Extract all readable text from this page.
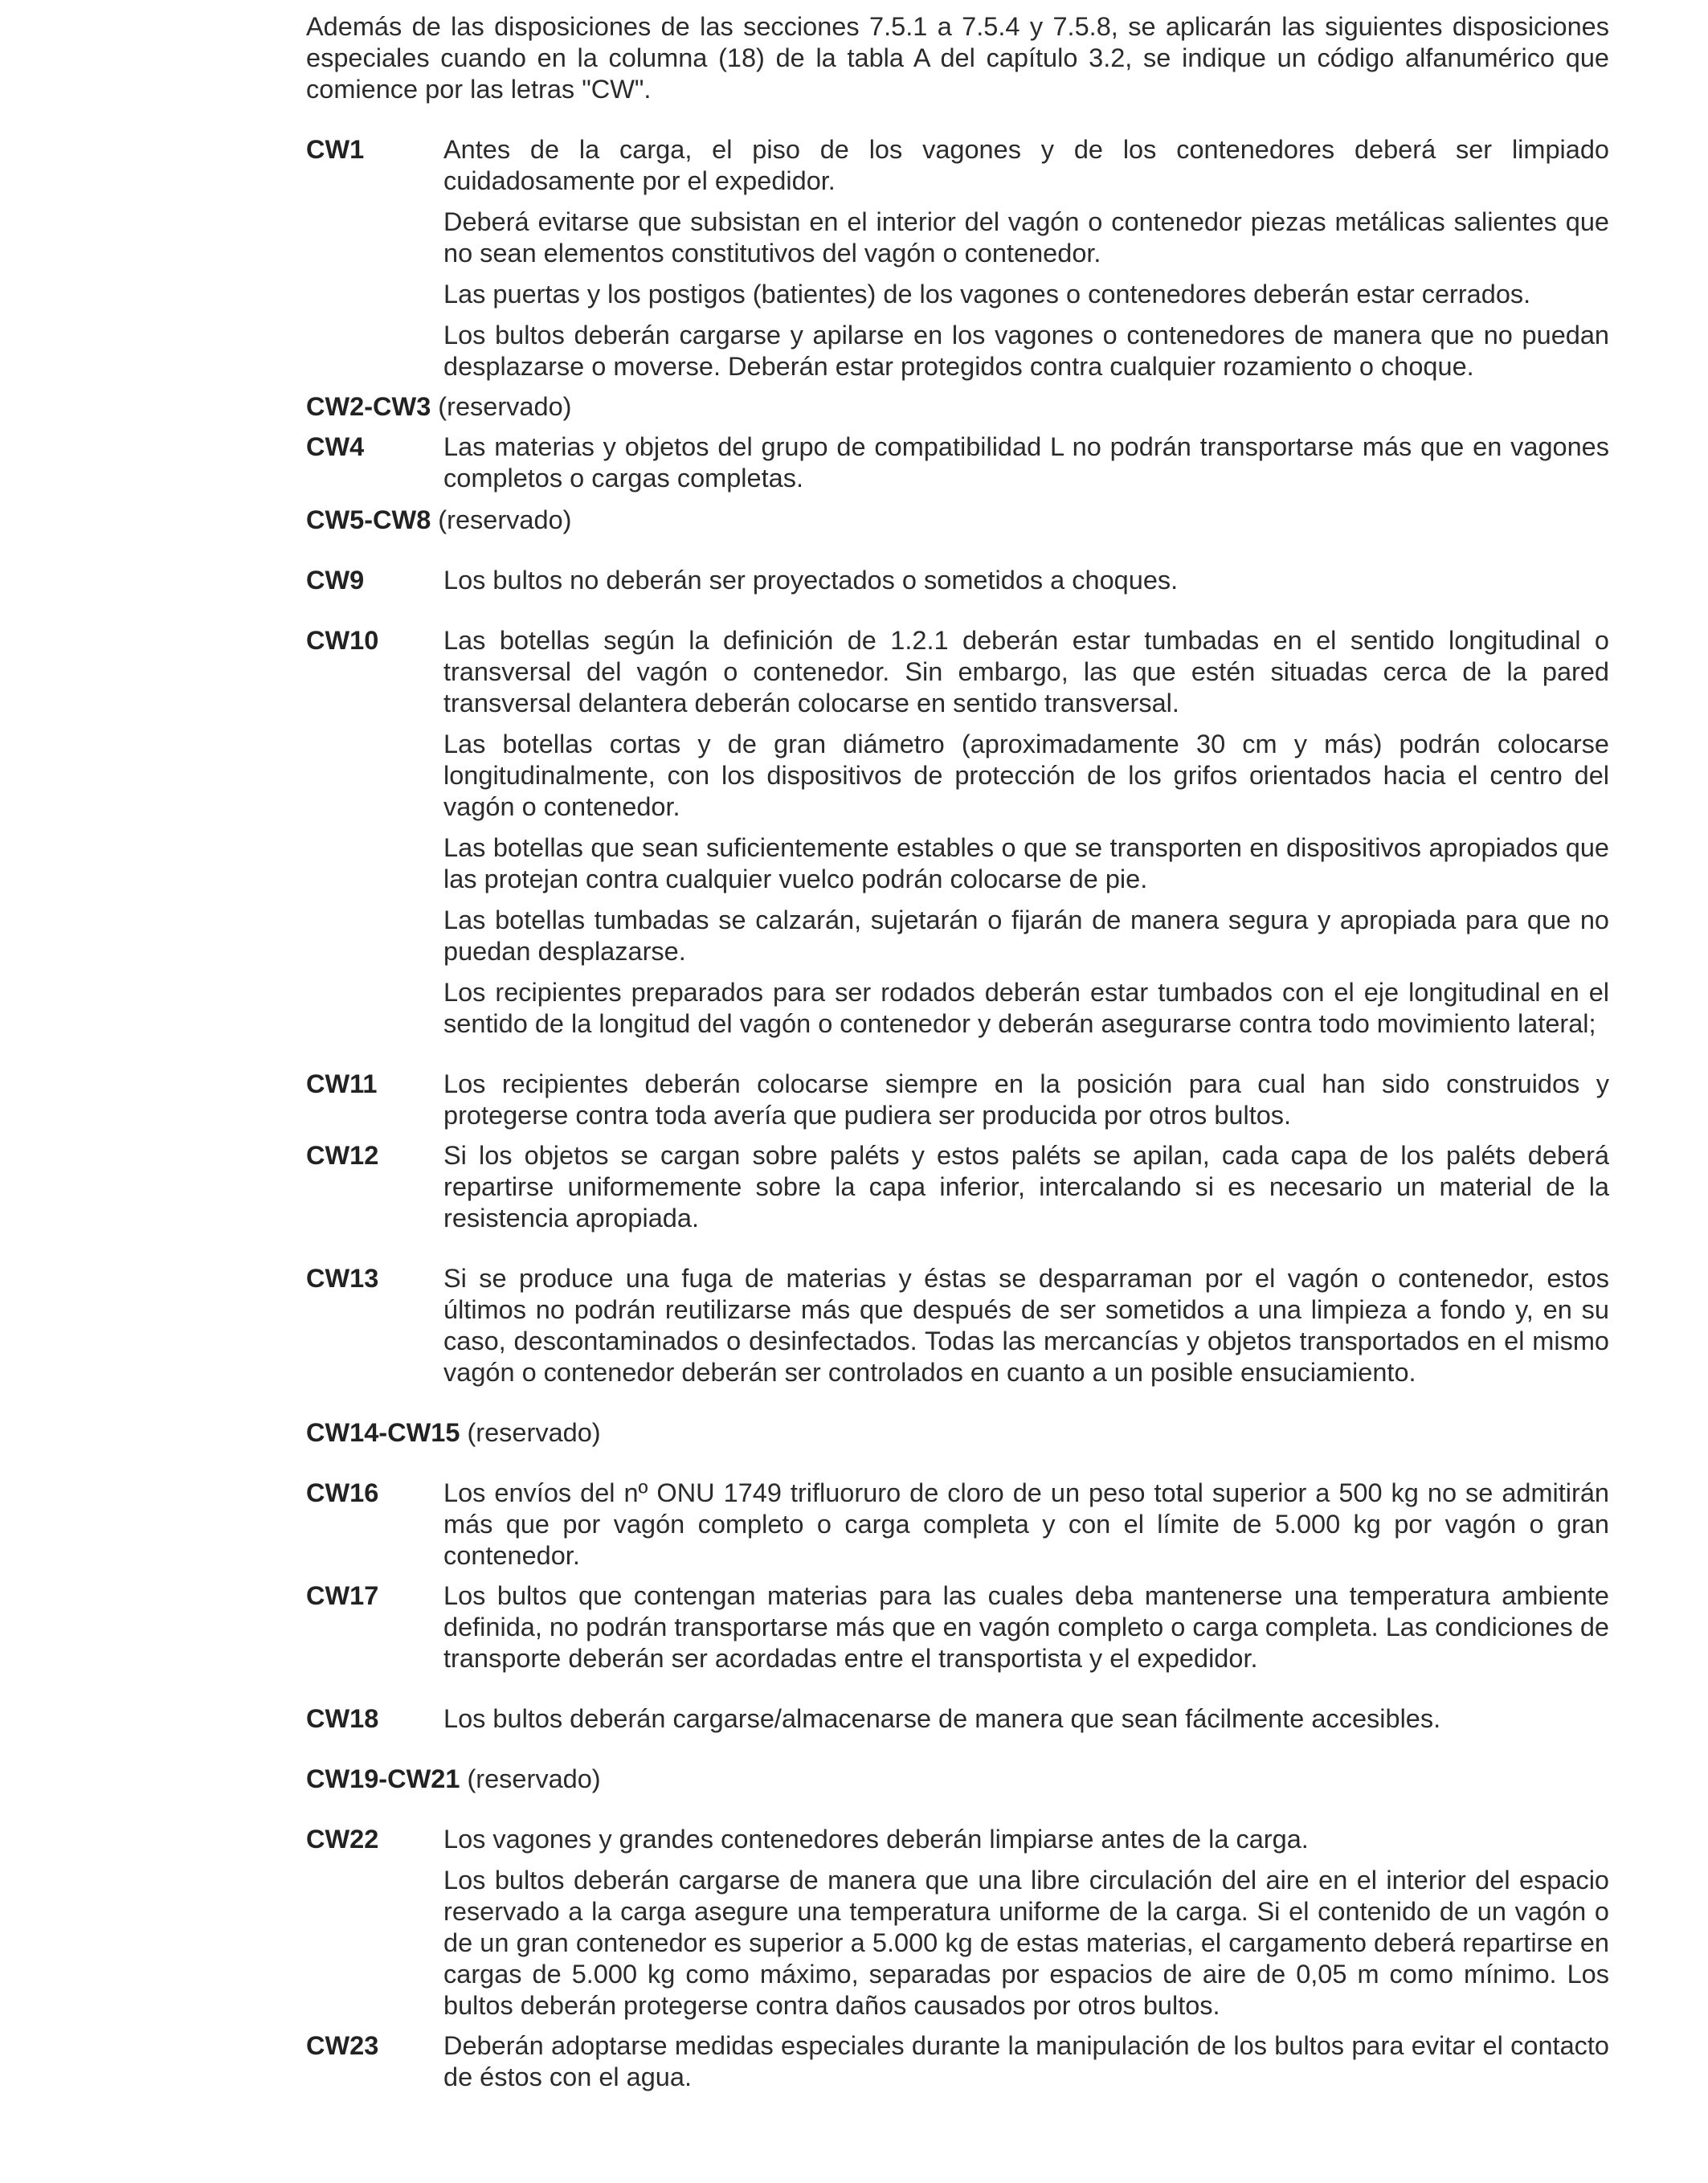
Además de las disposiciones de las secciones 7.5.1 a 7.5.4 y 7.5.8, se aplicarán las siguientes disposiciones especiales cuando en la columna (18) de la tabla A del capítulo 3.2, se indique un código alfanumérico que comience por las letras "CW".

CW1	Antes de la carga, el piso de los vagones y de los contenedores deberá ser limpiado cuidadosamente por el expedidor.

Deberá evitarse que subsistan en el interior del vagón o contenedor piezas metálicas salientes que no sean elementos constitutivos del vagón o contenedor.

Las puertas y los postigos (batientes) de los vagones o contenedores deberán estar cerrados.

Los bultos deberán cargarse y apilarse en los vagones o contenedores de manera que no puedan desplazarse o moverse. Deberán estar protegidos contra cualquier rozamiento o choque.

CW2-CW3 (reservado)
CW4	Las materias y objetos del grupo de compatibilidad L no podrán transportarse más que en vagones completos o cargas completas.

CW5-CW8 (reservado)
CW9	Los bultos no deberán ser proyectados o sometidos a choques.

CW10	Las botellas según la definición de 1.2.1 deberán estar tumbadas en el sentido longitudinal o transversal del vagón o contenedor. Sin embargo, las que estén situadas cerca de la pared transversal delantera deberán colocarse en sentido transversal.

Las botellas cortas y de gran diámetro (aproximadamente 30 cm y más) podrán colocarse longitudinalmente, con los dispositivos de protección de los grifos orientados hacia el centro del vagón o contenedor.

Las botellas que sean suficientemente estables o que se transporten en dispositivos apropiados que las protejan contra cualquier vuelco podrán colocarse de pie.

Las botellas tumbadas se calzarán, sujetarán o fijarán de manera segura y apropiada para que no puedan desplazarse.

Los recipientes preparados para ser rodados deberán estar tumbados con el eje longitudinal en el sentido de la longitud del vagón o contenedor y deberán asegurarse contra todo movimiento lateral;

CW11	Los recipientes deberán colocarse siempre en la posición para cual han sido construidos y protegerse contra toda avería que pudiera ser producida por otros bultos.

CW12	Si los objetos se cargan sobre paléts y estos paléts se apilan, cada capa de los paléts deberá repartirse uniformemente sobre la capa inferior, intercalando si es necesario un material de la resistencia apropiada.

CW13	Si se produce una fuga de materias y éstas se desparraman por el vagón o contenedor, estos últimos no podrán reutilizarse más que después de ser sometidos a una limpieza a fondo y, en su caso, descontaminados o desinfectados. Todas las mercancías y objetos transportados en el mismo vagón o contenedor deberán ser controlados en cuanto a un posible ensuciamiento.

CW14-CW15 (reservado)
CW16	Los envíos del nº ONU 1749 trifluoruro de cloro de un peso total superior a 500 kg no se admitirán más que por vagón completo o carga completa y con el límite de 5.000 kg por vagón o gran contenedor.

CW17	Los bultos que contengan materias para las cuales deba mantenerse una temperatura ambiente definida, no podrán transportarse más que en vagón completo o carga completa. Las condiciones de transporte deberán ser acordadas entre el transportista y el expedidor.

CW18	Los bultos deberán cargarse/almacenarse de manera que sean fácilmente accesibles.

CW19-CW21 (reservado)
CW22	Los vagones y grandes contenedores deberán limpiarse antes de la carga.

Los bultos deberán cargarse de manera que una libre circulación del aire en el interior del espacio reservado a la carga asegure una temperatura uniforme de la carga. Si el contenido de un vagón o de un gran contenedor es superior a 5.000 kg de estas materias, el cargamento deberá repartirse en cargas de 5.000 kg como máximo, separadas por espacios de aire de 0,05 m como mínimo. Los bultos deberán protegerse contra daños causados por otros bultos.

CW23	Deberán adoptarse medidas especiales durante la manipulación de los bultos para evitar el contacto de éstos con el agua.
